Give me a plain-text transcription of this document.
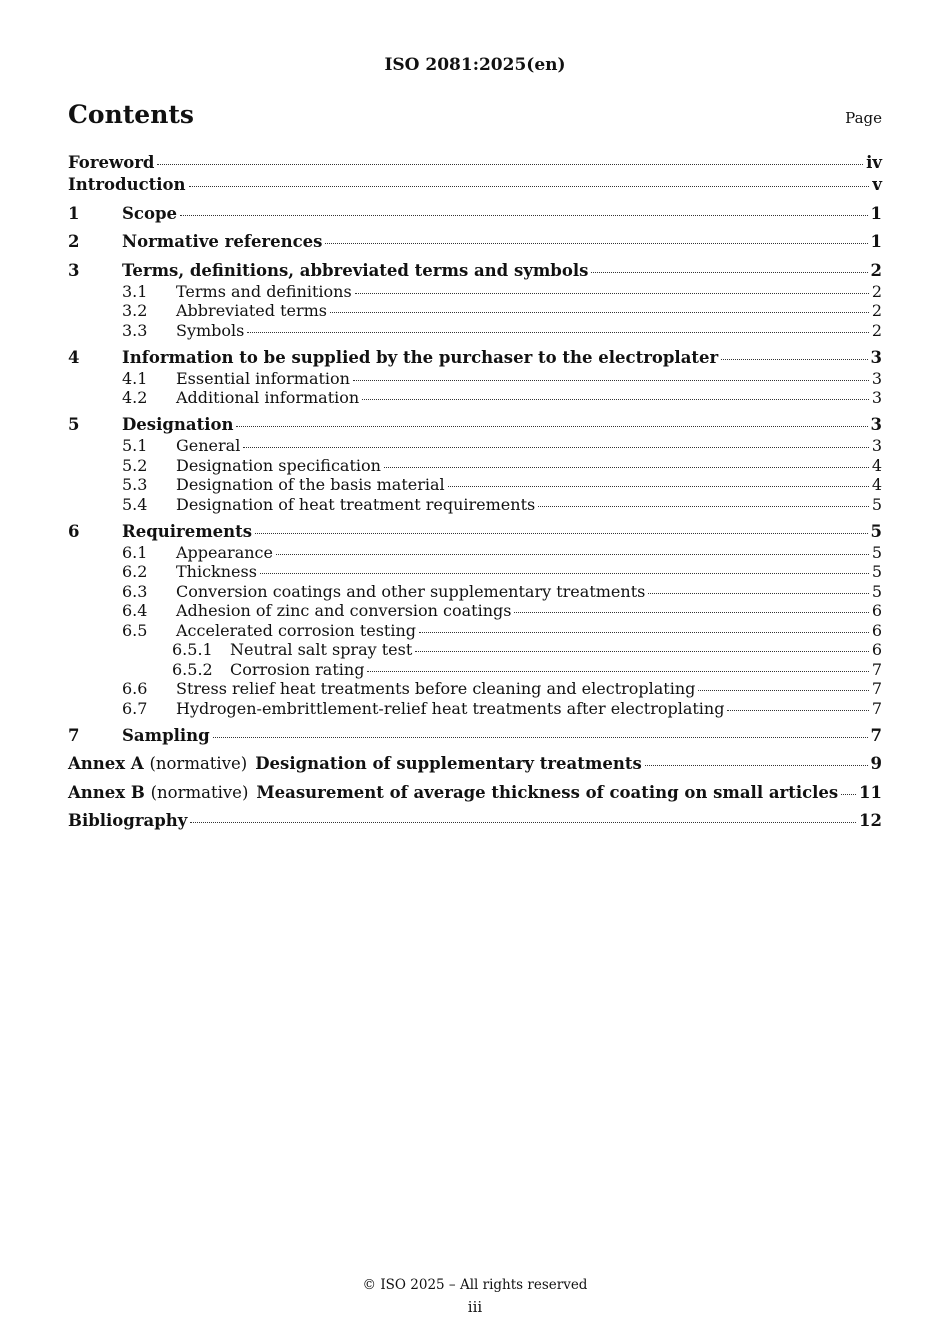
ISO 2081:2025(en)
Contents	Page
Foreword	iv
Introduction	v
1	Scope	1
2	Normative references	1
3	Terms, definitions, abbreviated terms and symbols	2
3.1	Terms and definitions	2
3.2	Abbreviated terms	2
3.3	Symbols	2
4	Information to be supplied by the purchaser to the electroplater	3
4.1	Essential information	3
4.2	Additional information	3
5	Designation	3
5.1	General	3
5.2	Designation specification	4
5.3	Designation of the basis material	4
5.4	Designation of heat treatment requirements	5
6	Requirements	5
6.1	Appearance	5
6.2	Thickness	5
6.3	Conversion coatings and other supplementary treatments	5
6.4	Adhesion of zinc and conversion coatings	6
6.5	Accelerated corrosion testing	6
6.5.1	Neutral salt spray test	6
6.5.2	Corrosion rating	7
6.6	Stress relief heat treatments before cleaning and electroplating	7
6.7	Hydrogen-embrittlement-relief heat treatments after electroplating	7
7	Sampling	7
Annex A (normative) Designation of supplementary treatments	9
Annex B (normative) Measurement of average thickness of coating on small articles 11
Bibliography	12
© ISO 2025 – All rights reserved
iii
